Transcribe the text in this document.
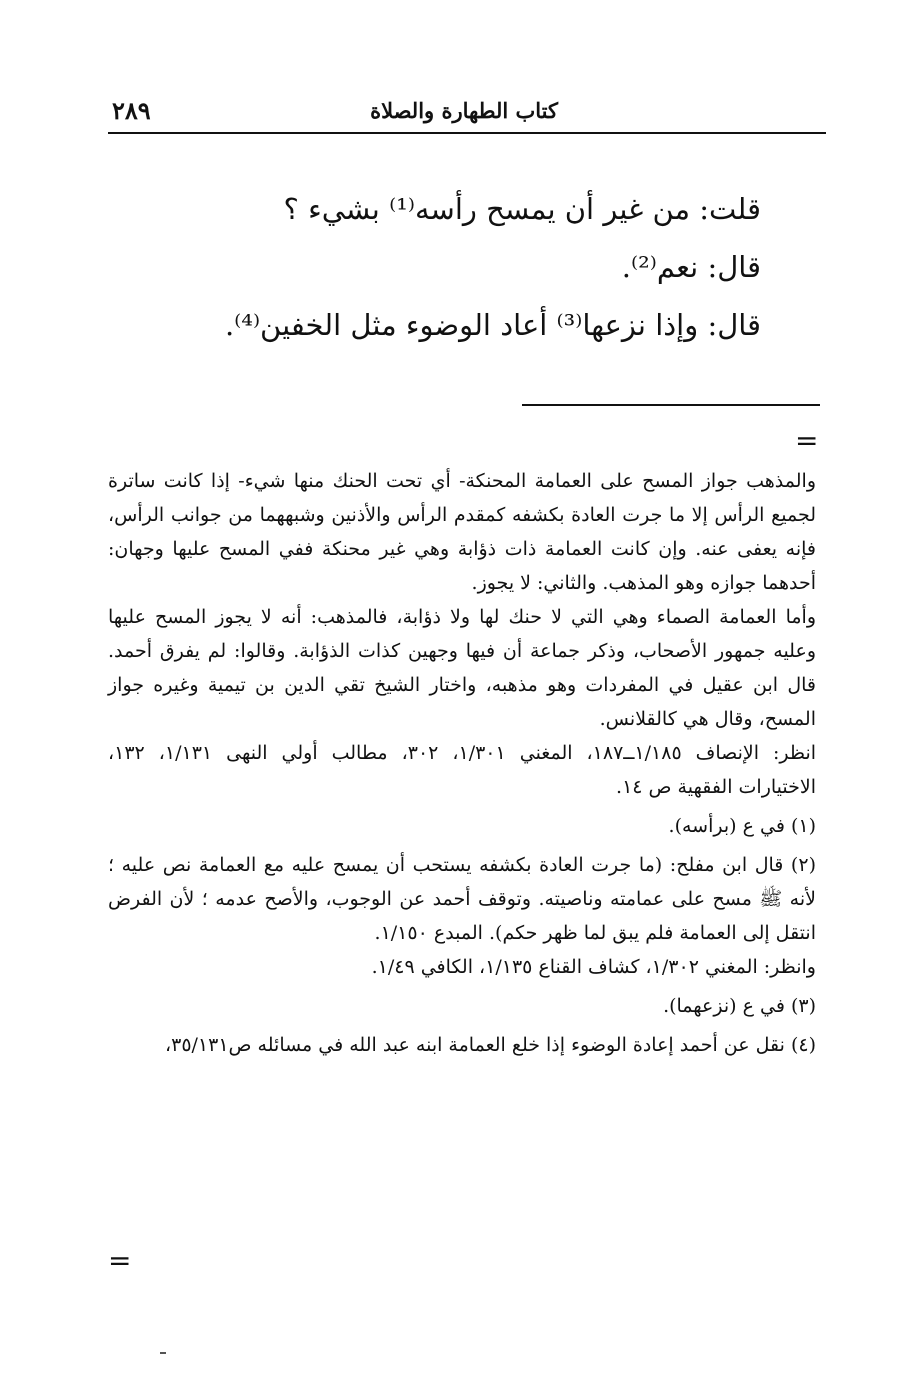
كتاب الطهارة والصلاة
٢٨٩
قلت: من غير أن يمسح رأسه⁽¹⁾ بشيء ؟
قال: نعم⁽²⁾.
قال: وإذا نزعها⁽³⁾ أعاد الوضوء مثل الخفين⁽⁴⁾.
=

والمذهب جواز المسح على العمامة المحنكة- أي تحت الحنك منها شيء- إذا كانت ساترة لجميع الرأس إلا ما جرت العادة بكشفه كمقدم الرأس والأذنين وشبههما من جوانب الرأس، فإنه يعفى عنه. وإن كانت العمامة ذات ذؤابة وهي غير محنكة ففي المسح عليها وجهان: أحدهما جوازه وهو المذهب. والثاني: لا يجوز.

وأما العمامة الصماء وهي التي لا حنك لها ولا ذؤابة، فالمذهب: أنه لا يجوز المسح عليها وعليه جمهور الأصحاب، وذكر جماعة أن فيها وجهين كذات الذؤابة. وقالوا: لم يفرق أحمد. قال ابن عقيل في المفردات وهو مذهبه، واختار الشيخ تقي الدين بن تيمية وغيره جواز المسح، وقال هي كالقلانس.

انظر: الإنصاف ١/١٨٥ــ١٨٧، المغني ١/٣٠١، ٣٠٢، مطالب أولي النهى ١/١٣١، ١٣٢، الاختيارات الفقهية ص ١٤.

(١) في ع (برأسه).

(٢) قال ابن مفلح: (ما جرت العادة بكشفه يستحب أن يمسح عليه مع العمامة نص عليه ؛ لأنه ﷺ مسح على عمامته وناصيته. وتوقف أحمد عن الوجوب، والأصح عدمه ؛ لأن الفرض انتقل إلى العمامة فلم يبق لما ظهر حكم). المبدع ١/١٥٠.

وانظر: المغني ١/٣٠٢، كشاف القناع ١/١٣٥، الكافي ١/٤٩.

(٣) في ع (نزعهما).

(٤) نقل عن أحمد إعادة الوضوء إذا خلع العمامة ابنه عبد الله في مسائله ص٣٥/١٣١،

=
